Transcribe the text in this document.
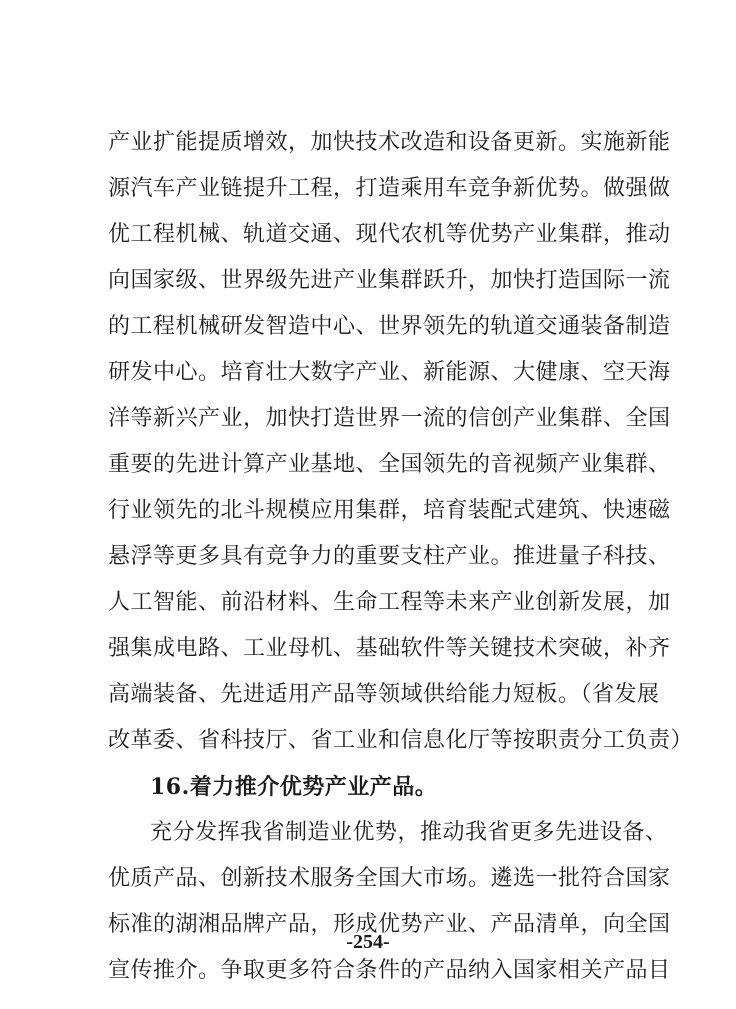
产业扩能提质增效，加快技术改造和设备更新。实施新能
源汽车产业链提升工程，打造乘用车竞争新优势。做强做
优工程机械、轨道交通、现代农机等优势产业集群，推动
向国家级、世界级先进产业集群跃升，加快打造国际一流
的工程机械研发智造中心、世界领先的轨道交通装备制造
研发中心。培育壮大数字产业、新能源、大健康、空天海
洋等新兴产业，加快打造世界一流的信创产业集群、全国
重要的先进计算产业基地、全国领先的音视频产业集群、
行业领先的北斗规模应用集群，培育装配式建筑、快速磁
悬浮等更多具有竞争力的重要支柱产业。推进量子科技、
人工智能、前沿材料、生命工程等未来产业创新发展，加
强集成电路、工业母机、基础软件等关键技术突破，补齐
高端装备、先进适用产品等领域供给能力短板。（省发展
改革委、省科技厅、省工业和信息化厅等按职责分工负责）
16.着力推介优势产业产品。
充分发挥我省制造业优势，推动我省更多先进设备、
优质产品、创新技术服务全国大市场。遴选一批符合国家
标准的湖湘品牌产品，形成优势产业、产品清单，向全国
宣传推介。争取更多符合条件的产品纳入国家相关产品目
-254-
